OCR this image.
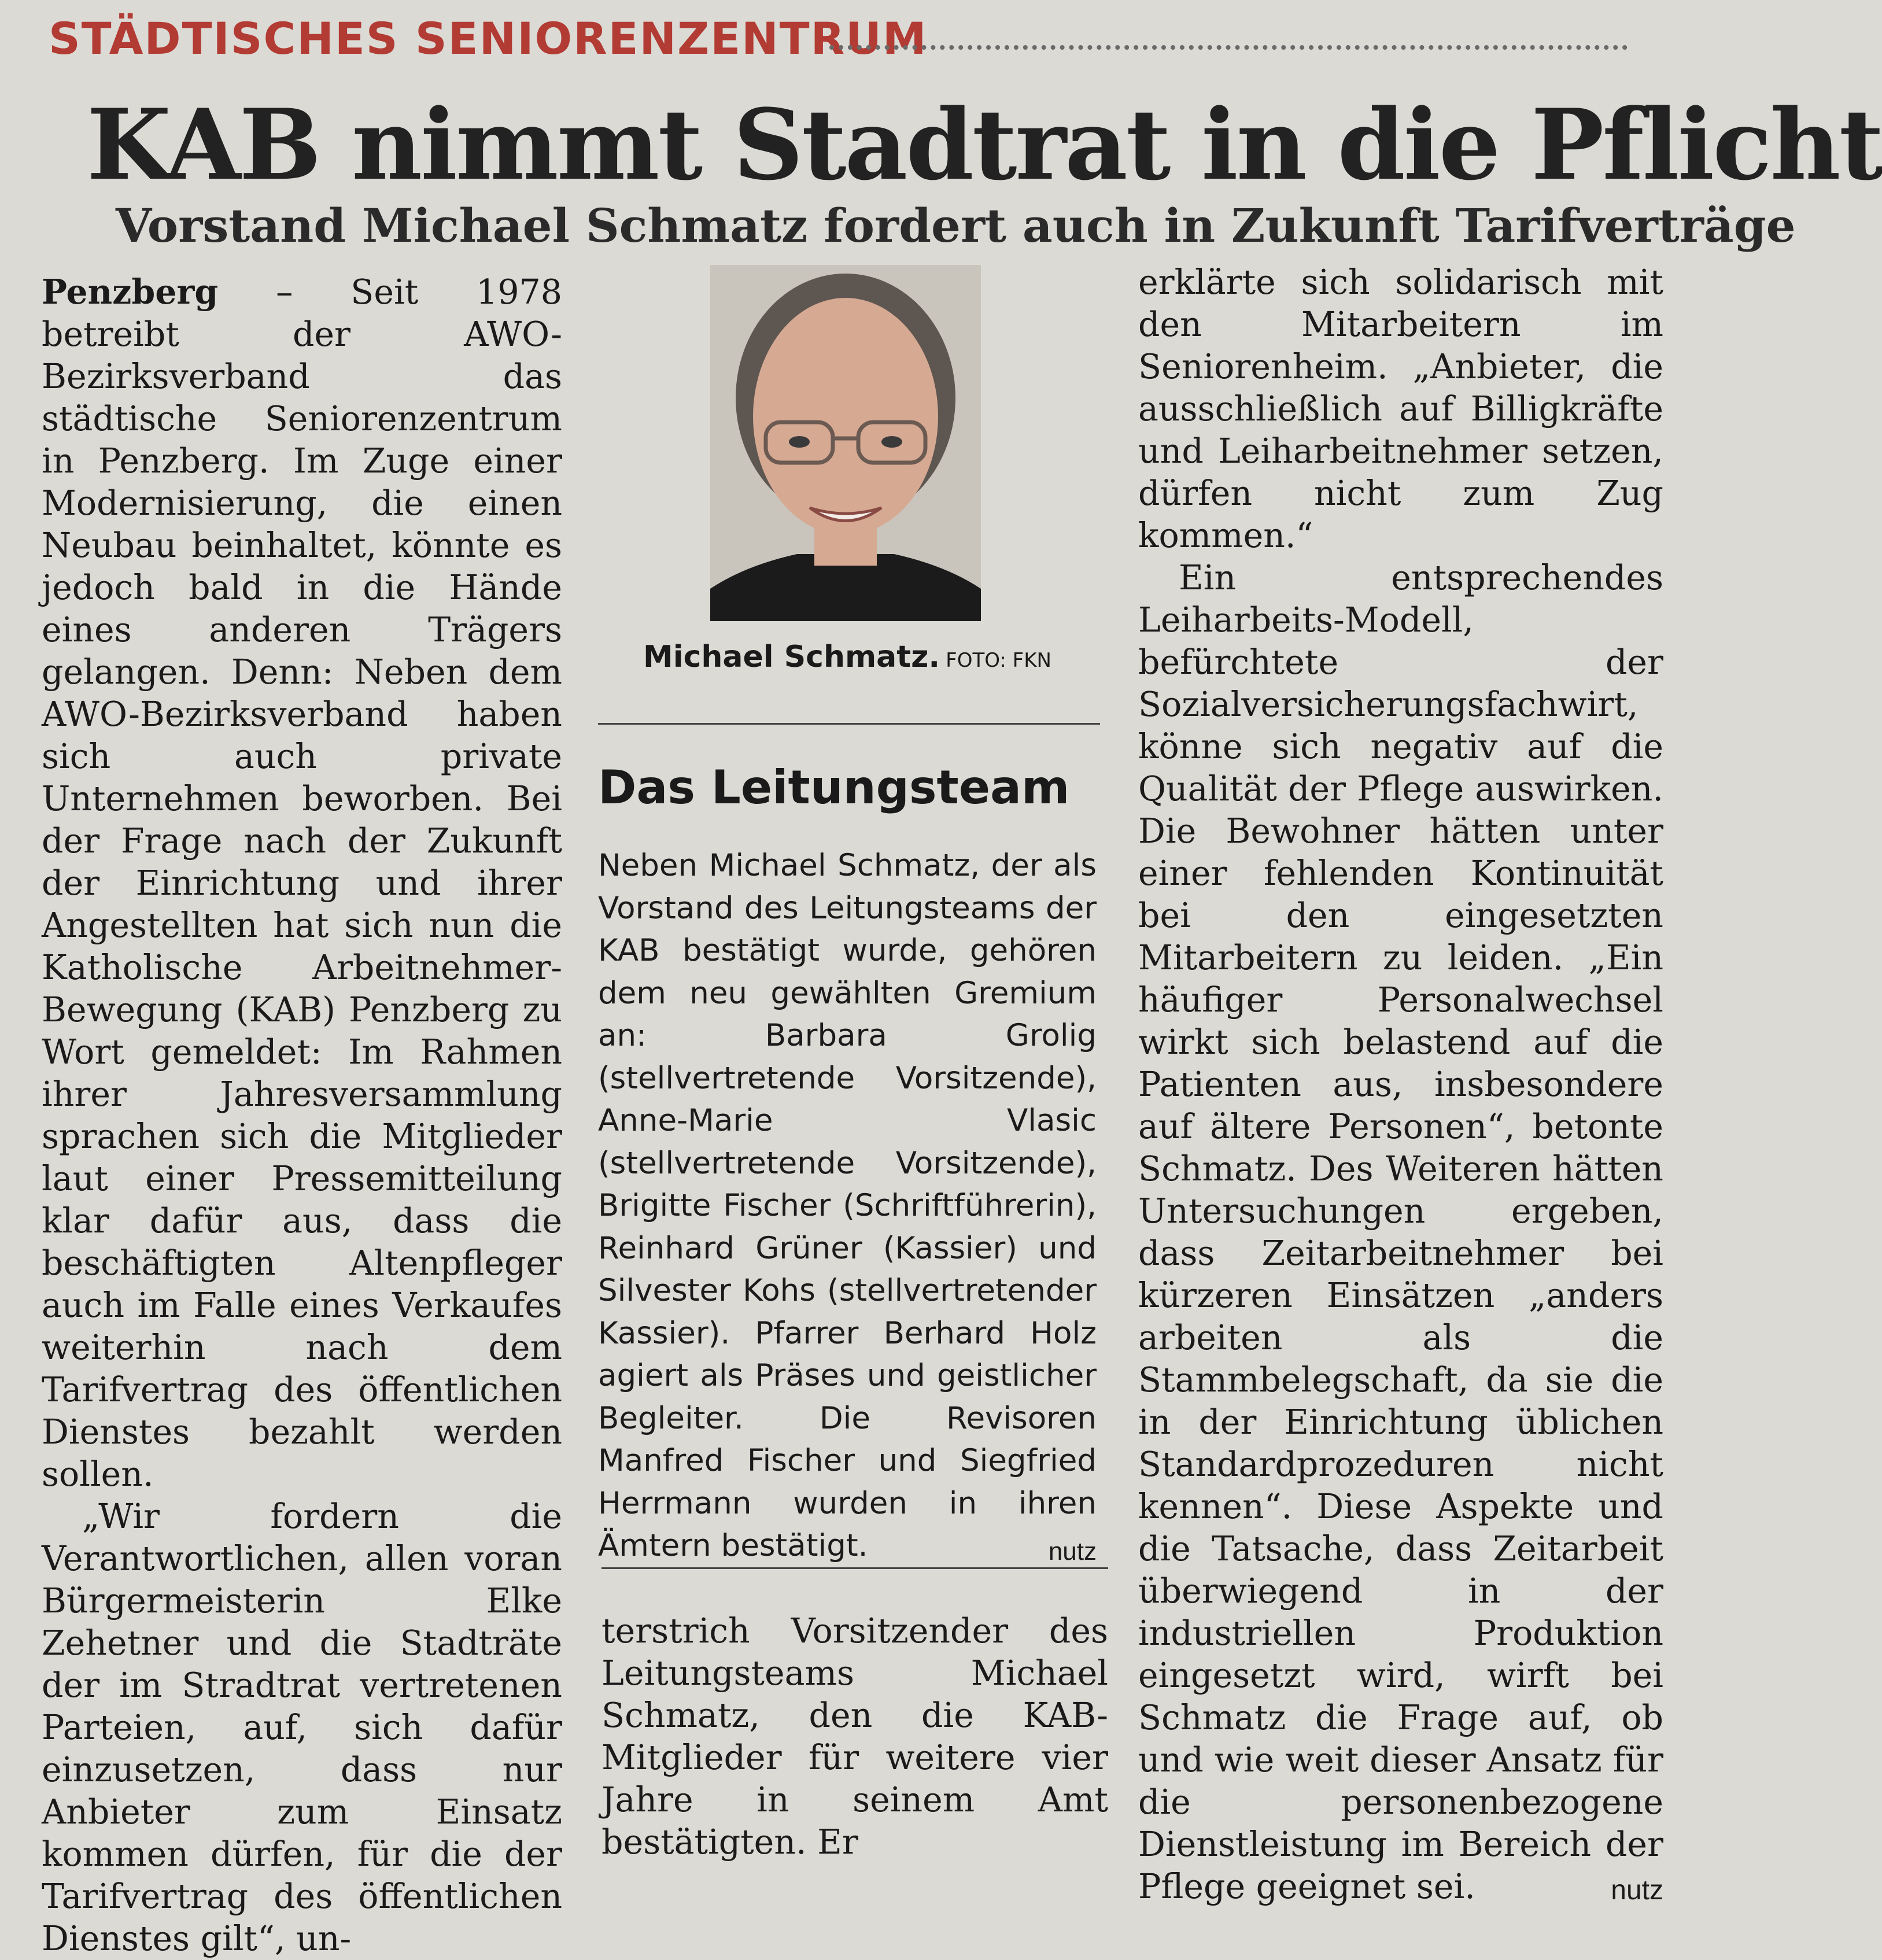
STÄDTISCHES SENIORENZENTRUM
KAB nimmt Stadtrat in die Pflicht
Vorstand Michael Schmatz fordert auch in Zukunft Tarifverträge

Penzberg – Seit 1978 betreibt der AWO-Bezirksverband das städtische Seniorenzentrum in Penzberg. Im Zuge einer Modernisierung, die einen Neubau beinhaltet, könnte es jedoch bald in die Hände eines anderen Trägers gelangen. Denn: Neben dem AWO-Bezirksverband haben sich auch private Unternehmen beworben. Bei der Frage nach der Zukunft der Einrichtung und ihrer Angestellten hat sich nun die Katholische Arbeitnehmer-Bewegung (KAB) Penzberg zu Wort gemeldet: Im Rahmen ihrer Jahresversammlung sprachen sich die Mitglieder laut einer Pressemitteilung klar dafür aus, dass die beschäftigten Altenpfleger auch im Falle eines Verkaufes weiterhin nach dem Tarifvertrag des öffentlichen Dienstes bezahlt werden sollen.

„Wir fordern die Verantwortlichen, allen voran Bürgermeisterin Elke Zehetner und die Stadträte der im Stradtrat vertretenen Parteien, auf, sich dafür einzusetzen, dass nur Anbieter zum Einsatz kommen dürfen, für die der Tarifvertrag des öffentlichen Dienstes gilt“, un-

Michael Schmatz. FOTO: FKN
Das Leitungsteam
Neben Michael Schmatz, der als Vorstand des Leitungsteams der KAB bestätigt wurde, gehören dem neu gewählten Gremium an: Barbara Grolig (stellvertretende Vorsitzende), Anne-Marie Vlasic (stellvertretende Vorsitzende), Brigitte Fischer (Schriftführerin), Reinhard Grüner (Kassier) und Silvester Kohs (stellvertretender Kassier). Pfarrer Berhard Holz agiert als Präses und geistlicher Begleiter. Die Revisoren Manfred Fischer und Siegfried Herrmann wurden in ihren Ämtern bestätigt.	nutz
terstrich Vorsitzender des Leitungsteams Michael Schmatz, den die KAB-Mitglieder für weitere vier Jahre in seinem Amt bestätigten. Er

erklärte sich solidarisch mit den Mitarbeitern im Seniorenheim. „Anbieter, die ausschließlich auf Billigkräfte und Leiharbeitnehmer setzen, dürfen nicht zum Zug kommen.“

Ein entsprechendes Leiharbeits-Modell, befürchtete der Sozialversicherungsfachwirt, könne sich negativ auf die Qualität der Pflege auswirken. Die Bewohner hätten unter einer fehlenden Kontinuität bei den eingesetzten Mitarbeitern zu leiden. „Ein häufiger Personalwechsel wirkt sich belastend auf die Patienten aus, insbesondere auf ältere Personen“, betonte Schmatz. Des Weiteren hätten Untersuchungen ergeben, dass Zeitarbeitnehmer bei kürzeren Einsätzen „anders arbeiten als die Stammbelegschaft, da sie die in der Einrichtung üblichen Standardprozeduren nicht kennen“. Diese Aspekte und die Tatsache, dass Zeitarbeit überwiegend in der industriellen Produktion eingesetzt wird, wirft bei Schmatz die Frage auf, ob und wie weit dieser Ansatz für die personenbezogene Dienstleistung im Bereich der Pflege geeignet sei.	nutz
